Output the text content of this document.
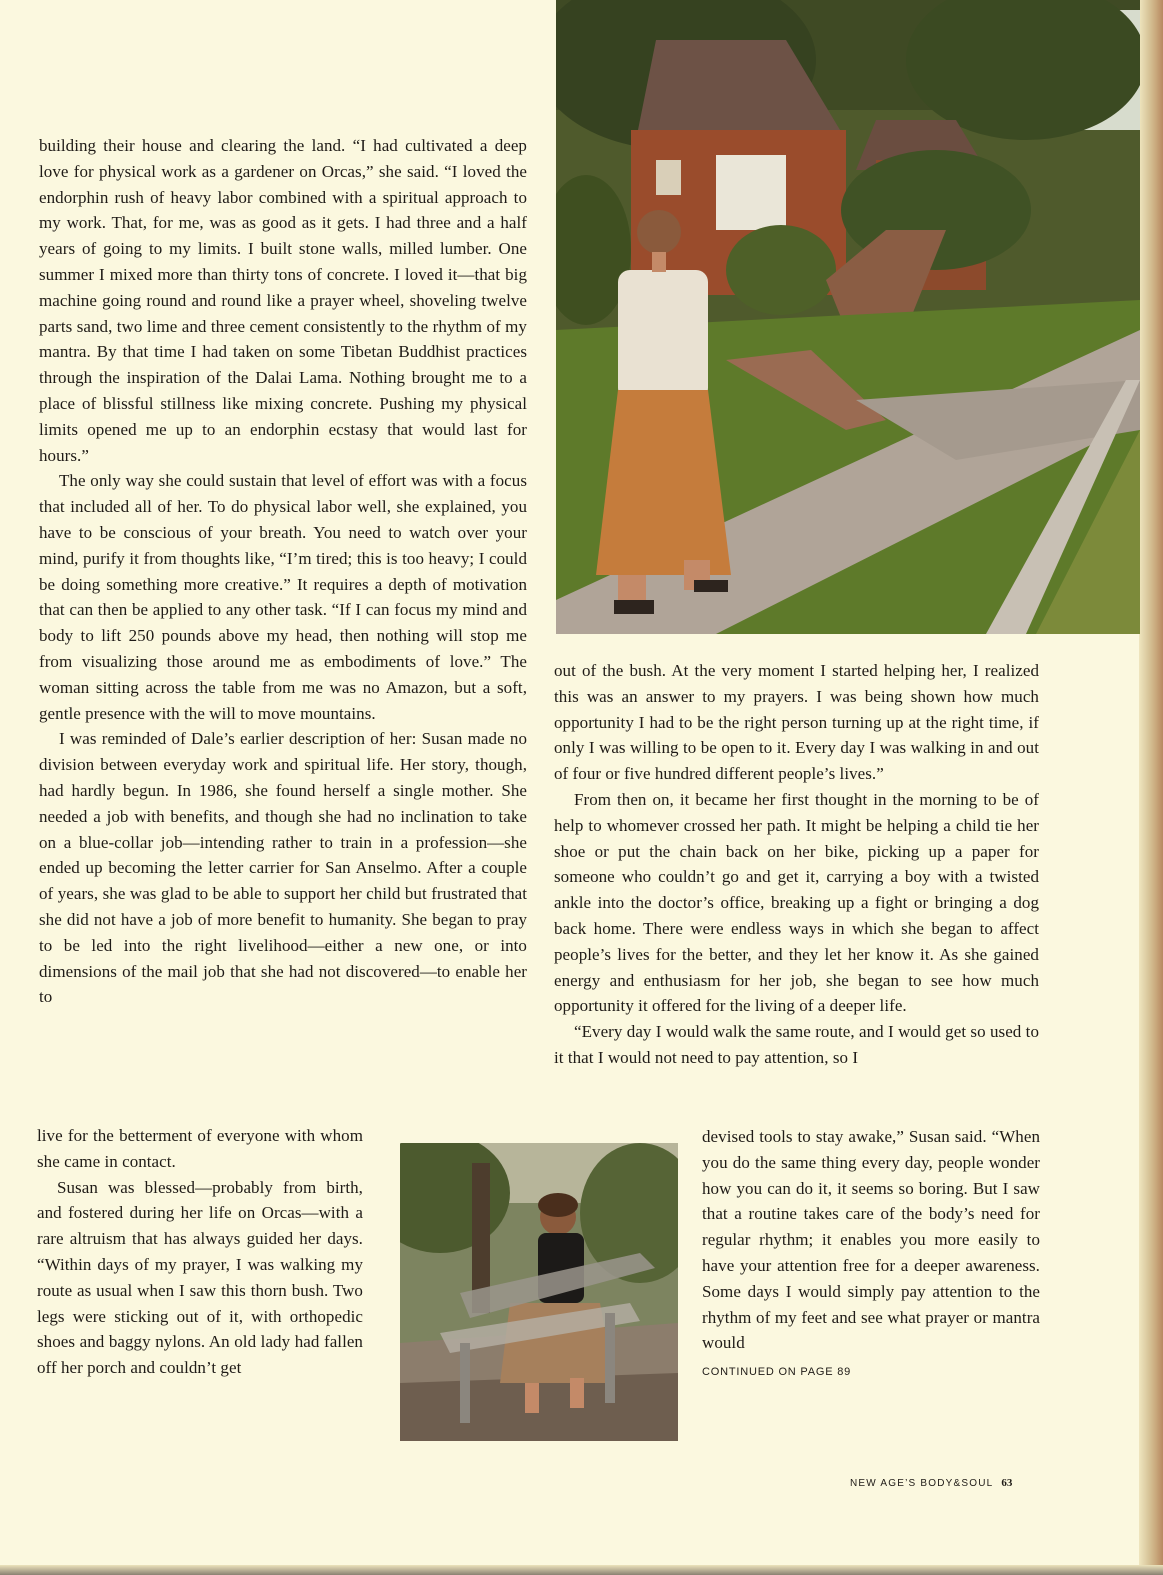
building their house and clearing the land. “I had cultivated a deep love for physical work as a gardener on Orcas,” she said. “I loved the endorphin rush of heavy labor combined with a spiritual approach to my work. That, for me, was as good as it gets. I had three and a half years of going to my limits. I built stone walls, milled lumber. One summer I mixed more than thirty tons of concrete. I loved it—that big machine going round and round like a prayer wheel, shoveling twelve parts sand, two lime and three cement consistently to the rhythm of my mantra. By that time I had taken on some Tibetan Buddhist practices through the inspiration of the Dalai Lama. Nothing brought me to a place of blissful stillness like mixing concrete. Pushing my physical limits opened me up to an endorphin ecstasy that would last for hours.”

The only way she could sustain that level of effort was with a focus that included all of her. To do physical labor well, she explained, you have to be conscious of your breath. You need to watch over your mind, purify it from thoughts like, “I’m tired; this is too heavy; I could be doing something more creative.” It requires a depth of motivation that can then be applied to any other task. “If I can focus my mind and body to lift 250 pounds above my head, then nothing will stop me from visualizing those around me as embodiments of love.” The woman sitting across the table from me was no Amazon, but a soft, gentle presence with the will to move mountains.

I was reminded of Dale’s earlier description of her: Susan made no division between everyday work and spiritual life. Her story, though, had hardly begun. In 1986, she found herself a single mother. She needed a job with benefits, and though she had no inclination to take on a blue-collar job—intending rather to train in a profession—she ended up becoming the letter carrier for San Anselmo. After a couple of years, she was glad to be able to support her child but frustrated that she did not have a job of more benefit to humanity. She began to pray to be led into the right livelihood—either a new one, or into dimensions of the mail job that she had not discovered—to enable her to

live for the betterment of everyone with whom she came in contact.

Susan was blessed—probably from birth, and fostered during her life on Orcas—with a rare altruism that has always guided her days. “Within days of my prayer, I was walking my route as usual when I saw this thorn bush. Two legs were sticking out of it, with orthopedic shoes and baggy nylons. An old lady had fallen off her porch and couldn’t get

out of the bush. At the very moment I started helping her, I realized this was an answer to my prayers. I was being shown how much opportunity I had to be the right person turning up at the right time, if only I was willing to be open to it. Every day I was walking in and out of four or five hundred different people’s lives.”

From then on, it became her first thought in the morning to be of help to whomever crossed her path. It might be helping a child tie her shoe or put the chain back on her bike, picking up a paper for someone who couldn’t go and get it, carrying a boy with a twisted ankle into the doctor’s office, breaking up a fight or bringing a dog back home. There were endless ways in which she began to affect people’s lives for the better, and they let her know it. As she gained energy and enthusiasm for her job, she began to see how much opportunity it offered for the living of a deeper life.

“Every day I would walk the same route, and I would get so used to it that I would not need to pay attention, so I

devised tools to stay awake,” Susan said. “When you do the same thing every day, people wonder how you can do it, it seems so boring. But I saw that a routine takes care of the body’s need for regular rhythm; it enables you more easily to have your attention free for a deeper awareness. Some days I would simply pay attention to the rhythm of my feet and see what prayer or mantra would

CONTINUED ON PAGE 89
NEW AGE’S BODY&SOUL 63
